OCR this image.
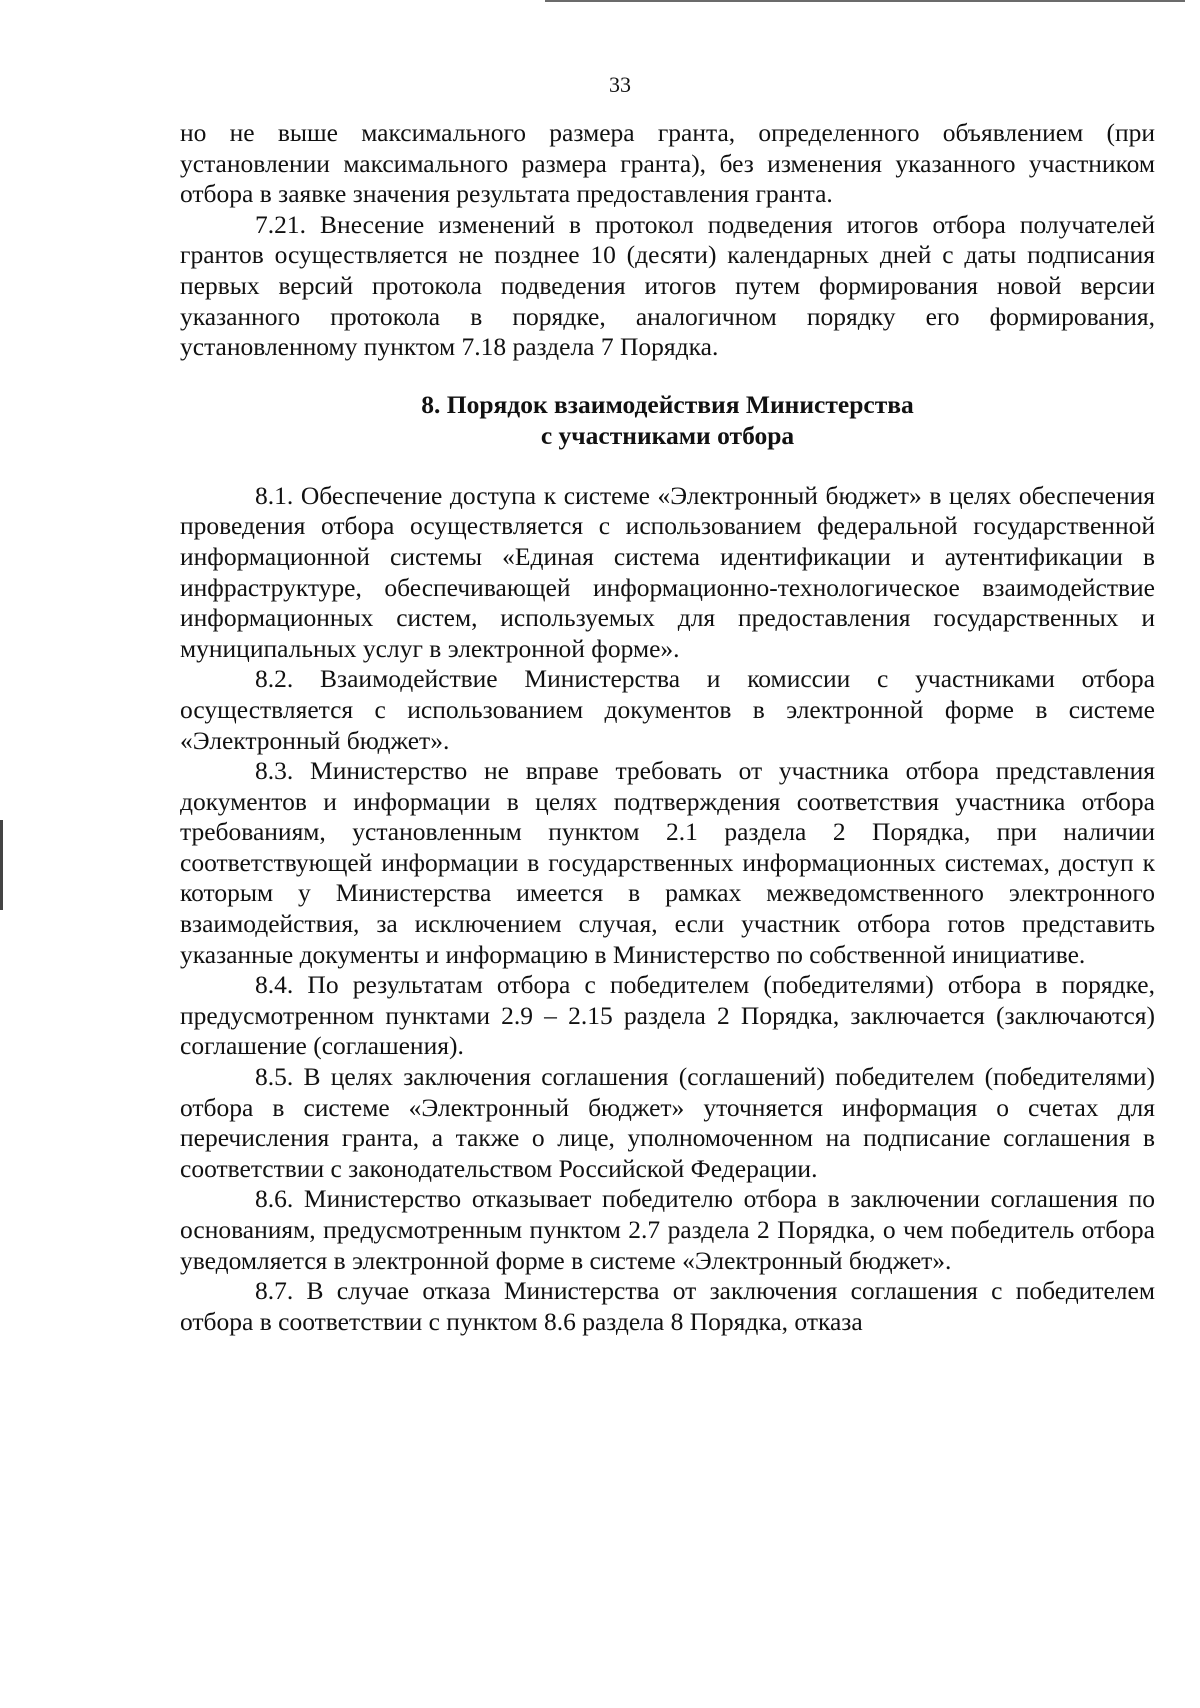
33

но не выше максимального размера гранта, определенного объявлением (при установлении максимального размера гранта), без изменения указанного участником отбора в заявке значения результата предоставления гранта.

7.21. Внесение изменений в протокол подведения итогов отбора получателей грантов осуществляется не позднее 10 (десяти) календарных дней с даты подписания первых версий протокола подведения итогов путем формирования новой версии указанного протокола в порядке, аналогичном порядку его формирования, установленному пунктом 7.18 раздела 7 Порядка.

8. Порядок взаимодействия Министерства
с участниками отбора

8.1. Обеспечение доступа к системе «Электронный бюджет» в целях обеспечения проведения отбора осуществляется с использованием федеральной государственной информационной системы «Единая система идентификации и аутентификации в инфраструктуре, обеспечивающей информационно-технологическое взаимодействие информационных систем, используемых для предоставления государственных и муниципальных услуг в электронной форме».

8.2. Взаимодействие Министерства и комиссии с участниками отбора осуществляется с использованием документов в электронной форме в системе «Электронный бюджет».

8.3. Министерство не вправе требовать от участника отбора представления документов и информации в целях подтверждения соответствия участника отбора требованиям, установленным пунктом 2.1 раздела 2 Порядка, при наличии соответствующей информации в государственных информационных системах, доступ к которым у Министерства имеется в рамках межведомственного электронного взаимодействия, за исключением случая, если участник отбора готов представить указанные документы и информацию в Министерство по собственной инициативе.

8.4. По результатам отбора с победителем (победителями) отбора в порядке, предусмотренном пунктами 2.9 – 2.15 раздела 2 Порядка, заключается (заключаются) соглашение (соглашения).

8.5. В целях заключения соглашения (соглашений) победителем (победителями) отбора в системе «Электронный бюджет» уточняется информация о счетах для перечисления гранта, а также о лице, уполномоченном на подписание соглашения в соответствии с законодательством Российской Федерации.

8.6. Министерство отказывает победителю отбора в заключении соглашения по основаниям, предусмотренным пунктом 2.7 раздела 2 Порядка, о чем победитель отбора уведомляется в электронной форме в системе «Электронный бюджет».

8.7. В случае отказа Министерства от заключения соглашения с победителем отбора в соответствии с пунктом 8.6 раздела 8 Порядка, отказа
